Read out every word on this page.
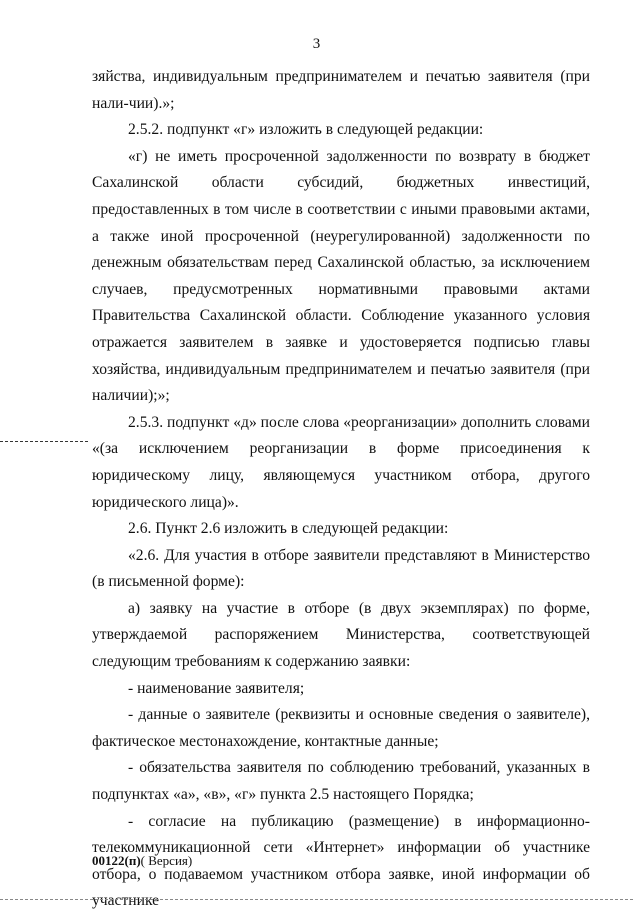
3

зяйства, индивидуальным предпринимателем и печатью заявителя (при нали-чии).»;

2.5.2. подпункт «г» изложить в следующей редакции:

«г) не иметь просроченной задолженности по возврату в бюджет Сахалинской области субсидий, бюджетных инвестиций, предоставленных в том числе в соответствии с иными правовыми актами, а также иной просроченной (неурегулированной) задолженности по денежным обязательствам перед Сахалинской областью, за исключением случаев, предусмотренных нормативными правовыми актами Правительства Сахалинской области. Соблюдение указанного условия отражается заявителем в заявке и удостоверяется подписью главы хозяйства, индивидуальным предпринимателем и печатью заявителя (при наличии);»;

2.5.3. подпункт «д» после слова «реорганизации» дополнить словами «(за исключением реорганизации в форме присоединения к юридическому лицу, являющемуся участником отбора, другого юридического лица)».

2.6. Пункт 2.6 изложить в следующей редакции:

«2.6. Для участия в отборе заявители представляют в Министерство (в письменной форме):

а) заявку на участие в отборе (в двух экземплярах) по форме, утверждаемой распоряжением Министерства, соответствующей следующим требованиям к содержанию заявки:

- наименование заявителя;

- данные о заявителе (реквизиты и основные сведения о заявителе), фактическое местонахождение, контактные данные;

- обязательства заявителя по соблюдению требований, указанных в подпунктах «а», «в», «г» пункта 2.5 настоящего Порядка;

- согласие на публикацию (размещение) в информационно-телекоммуникационной сети «Интернет» информации об участнике отбора, о подаваемом участником отбора заявке, иной информации об участнике

00122(п)( Версия)
